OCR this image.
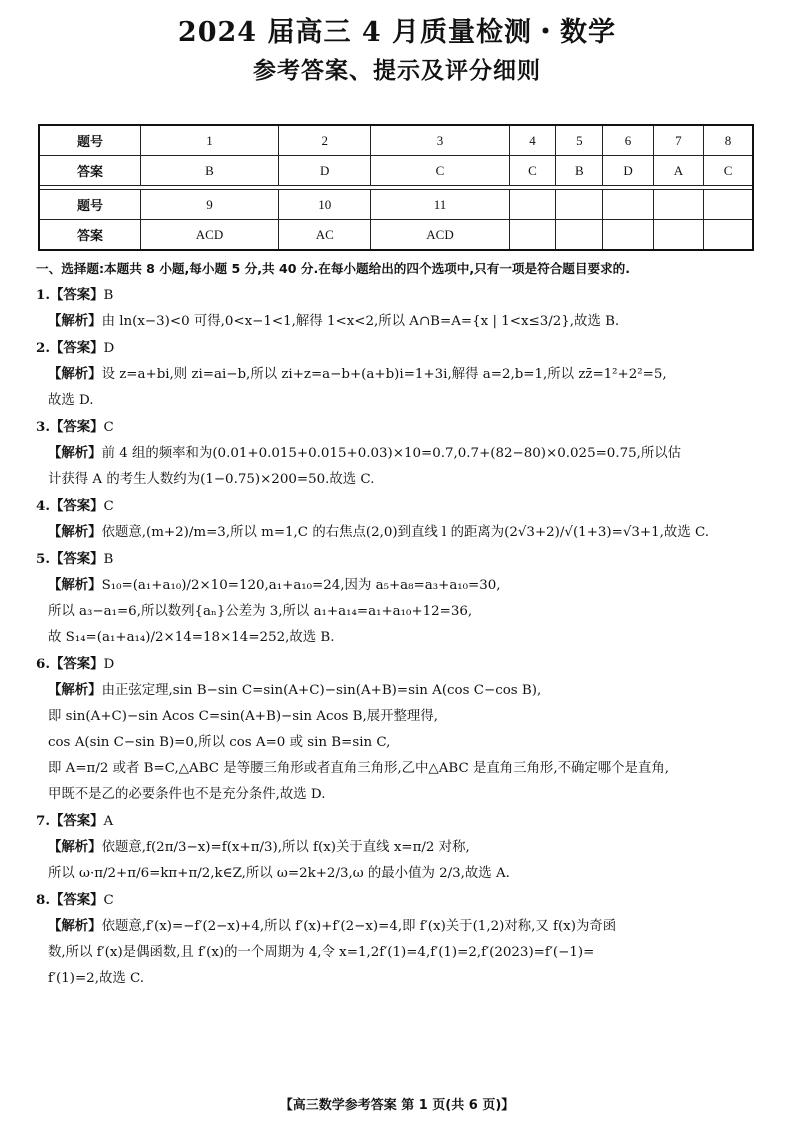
2024 届高三 4 月质量检测・数学
参考答案、提示及评分细则
题号	1	2	3	4	5	6	7	8
答案	B	D	C	C	B	D	A	C

题号	9	10	11					
答案	ACD	AC	ACD					
一、选择题:本题共 8 小题,每小题 5 分,共 40 分.在每小题给出的四个选项中,只有一项是符合题目要求的.
1.【答案】B
【解析】由 ln(x−3)<0 可得,0<x−1<1,解得 1<x<2,所以 A∩B=A={x | 1<x≤3/2},故选 B.
2.【答案】D
【解析】设 z=a+bi,则 zi=ai−b,所以 zi+z=a−b+(a+b)i=1+3i,解得 a=2,b=1,所以 zz̄=1²+2²=5,
故选 D.
3.【答案】C
【解析】前 4 组的频率和为(0.01+0.015+0.015+0.03)×10=0.7,0.7+(82−80)×0.025=0.75,所以估
计获得 A 的考生人数约为(1−0.75)×200=50.故选 C.
4.【答案】C
【解析】依题意,(m+2)/m=3,所以 m=1,C 的右焦点(2,0)到直线 l 的距离为(2√3+2)/√(1+3)=√3+1,故选 C.
5.【答案】B
【解析】S₁₀=(a₁+a₁₀)/2×10=120,a₁+a₁₀=24,因为 a₅+a₈=a₃+a₁₀=30,
所以 a₃−a₁=6,所以数列{aₙ}公差为 3,所以 a₁+a₁₄=a₁+a₁₀+12=36,
故 S₁₄=(a₁+a₁₄)/2×14=18×14=252,故选 B.
6.【答案】D
【解析】由正弦定理,sin B−sin C=sin(A+C)−sin(A+B)=sin A(cos C−cos B),
即 sin(A+C)−sin Acos C=sin(A+B)−sin Acos B,展开整理得,
cos A(sin C−sin B)=0,所以 cos A=0 或 sin B=sin C,
即 A=π/2 或者 B=C,△ABC 是等腰三角形或者直角三角形,乙中△ABC 是直角三角形,不确定哪个是直角,
甲既不是乙的必要条件也不是充分条件,故选 D.
7.【答案】A
【解析】依题意,f(2π/3−x)=f(x+π/3),所以 f(x)关于直线 x=π/2 对称,
所以 ω·π/2+π/6=kπ+π/2,k∈Z,所以 ω=2k+2/3,ω 的最小值为 2/3,故选 A.
8.【答案】C
【解析】依题意,f′(x)=−f′(2−x)+4,所以 f′(x)+f′(2−x)=4,即 f′(x)关于(1,2)对称,又 f(x)为奇函
数,所以 f′(x)是偶函数,且 f′(x)的一个周期为 4,令 x=1,2f′(1)=4,f′(1)=2,f′(2023)=f′(−1)=
f′(1)=2,故选 C.
【高三数学参考答案 第 1 页(共 6 页)】
